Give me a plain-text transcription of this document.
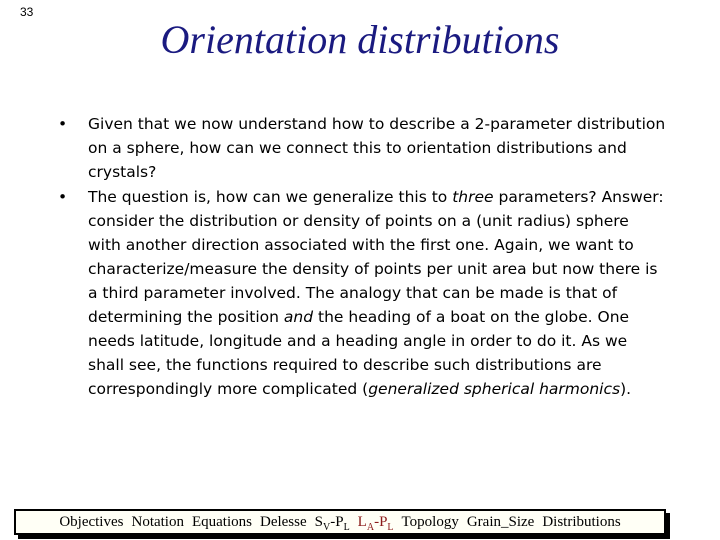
33
Orientation distributions
• Given that we now understand how to describe a 2-parameter distribution on a sphere, how can we connect this to orientation distributions and crystals?
• The question is, how can we generalize this to three parameters? Answer: consider the distribution or density of points on a (unit radius) sphere with another direction associated with the first one. Again, we want to characterize/measure the density of points per unit area but now there is a third parameter involved. The analogy that can be made is that of determining the position and the heading of a boat on the globe. One needs latitude, longitude and a heading angle in order to do it. As we shall see, the functions required to describe such distributions are correspondingly more complicated (generalized spherical harmonics).
Objectives Notation Equations Delesse $S_V-P_L$ $L_A-P_L$ Topology Grain_Size Distributions
